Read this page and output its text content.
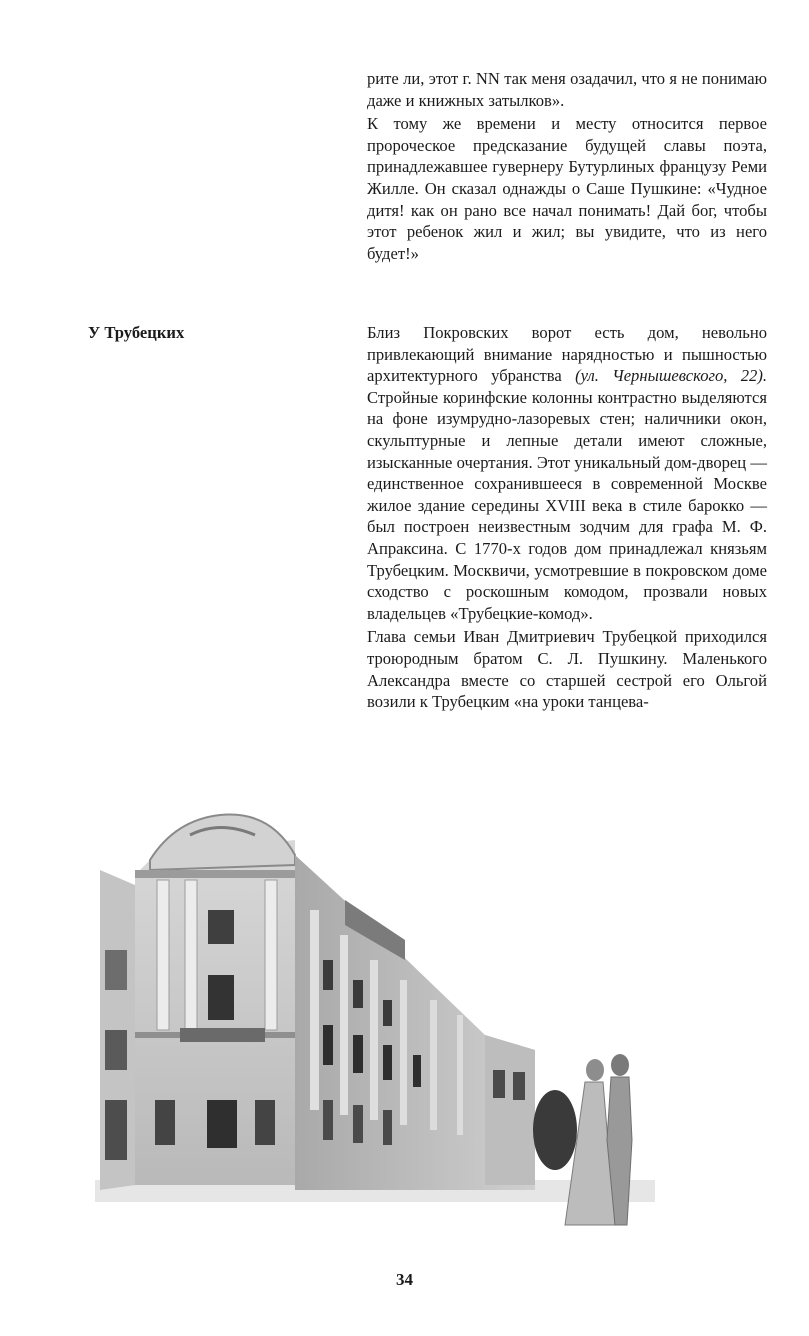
рите ли, этот г. NN так меня озадачил, что я не понимаю даже и книжных затылков».

К тому же времени и месту относится первое пророческое предсказание будущей славы поэта, принадлежавшее гувернеру Бутурлиных французу Реми Жилле. Он сказал однажды о Саше Пушкине: «Чудное дитя! как он рано все начал понимать! Дай бог, чтобы этот ребенок жил и жил; вы увидите, что из него будет!»

У Трубецких	Близ Покровских ворот есть дом, невольно привлекающий внимание нарядностью и пышностью архитектурного убранства (ул. Чернышевского, 22). Стройные коринфские колонны контрастно выделяются на фоне изумрудно-лазоревых стен; наличники окон, скульптурные и лепные детали имеют сложные, изысканные очертания. Этот уникальный дом-дворец — единственное сохранившееся в современной Москве жилое здание середины XVIII века в стиле барокко — был построен неизвестным зодчим для графа М. Ф. Апраксина. С 1770-х годов дом принадлежал князьям Трубецким. Москвичи, усмотревшие в покровском доме сходство с роскошным комодом, прозвали новых владельцев «Трубецкие-комод».

Глава семьи Иван Дмитриевич Трубецкой приходился троюродным братом С. Л. Пушкину. Маленького Александра вместе со старшей сестрой его Ольгой возили к Трубецким «на уроки танцева-

34
